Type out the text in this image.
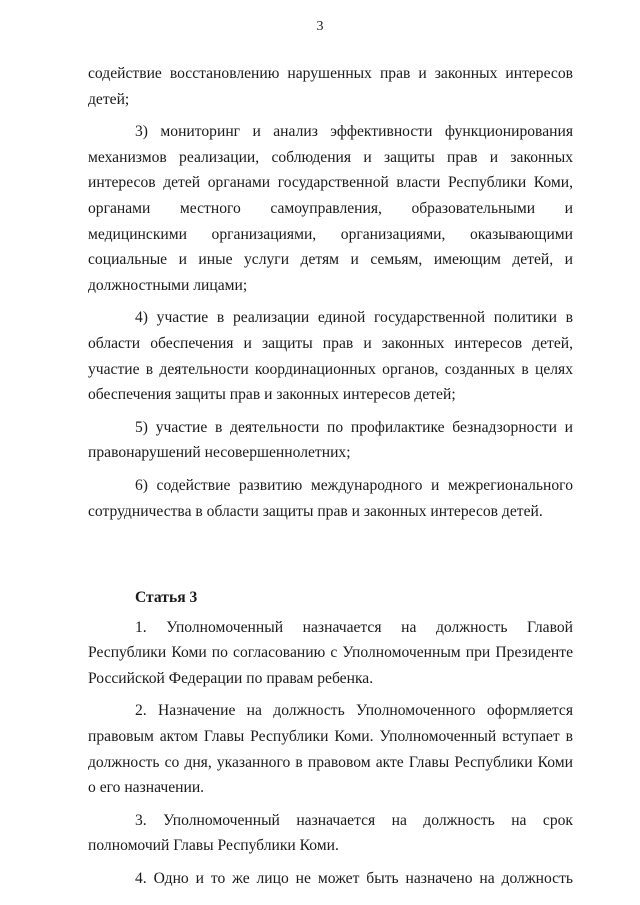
3

содействие восстановлению нарушенных прав и законных интересов детей;

3) мониторинг и анализ эффективности функционирования механизмов реализации, соблюдения и защиты прав и законных интересов детей органами государственной власти Республики Коми, органами местного самоуправления, образовательными и медицинскими организациями, организациями, оказывающими социальные и иные услуги детям и семьям, имеющим детей, и должностными лицами;

4) участие в реализации единой государственной политики в области обеспечения и защиты прав и законных интересов детей, участие в деятельности координационных органов, созданных в целях обеспечения защиты прав и законных интересов детей;

5) участие в деятельности по профилактике безнадзорности и правонарушений несовершеннолетних;

6) содействие развитию международного и межрегионального сотрудничества в области защиты прав и законных интересов детей.

Статья 3

1. Уполномоченный назначается на должность Главой Республики Коми по согласованию с Уполномоченным при Президенте Российской Федерации по правам ребенка.

2. Назначение на должность Уполномоченного оформляется правовым актом Главы Республики Коми. Уполномоченный вступает в должность со дня, указанного в правовом акте Главы Республики Коми о его назначении.

3. Уполномоченный назначается на должность на срок полномочий Главы Республики Коми.

4. Одно и то же лицо не может быть назначено на должность
